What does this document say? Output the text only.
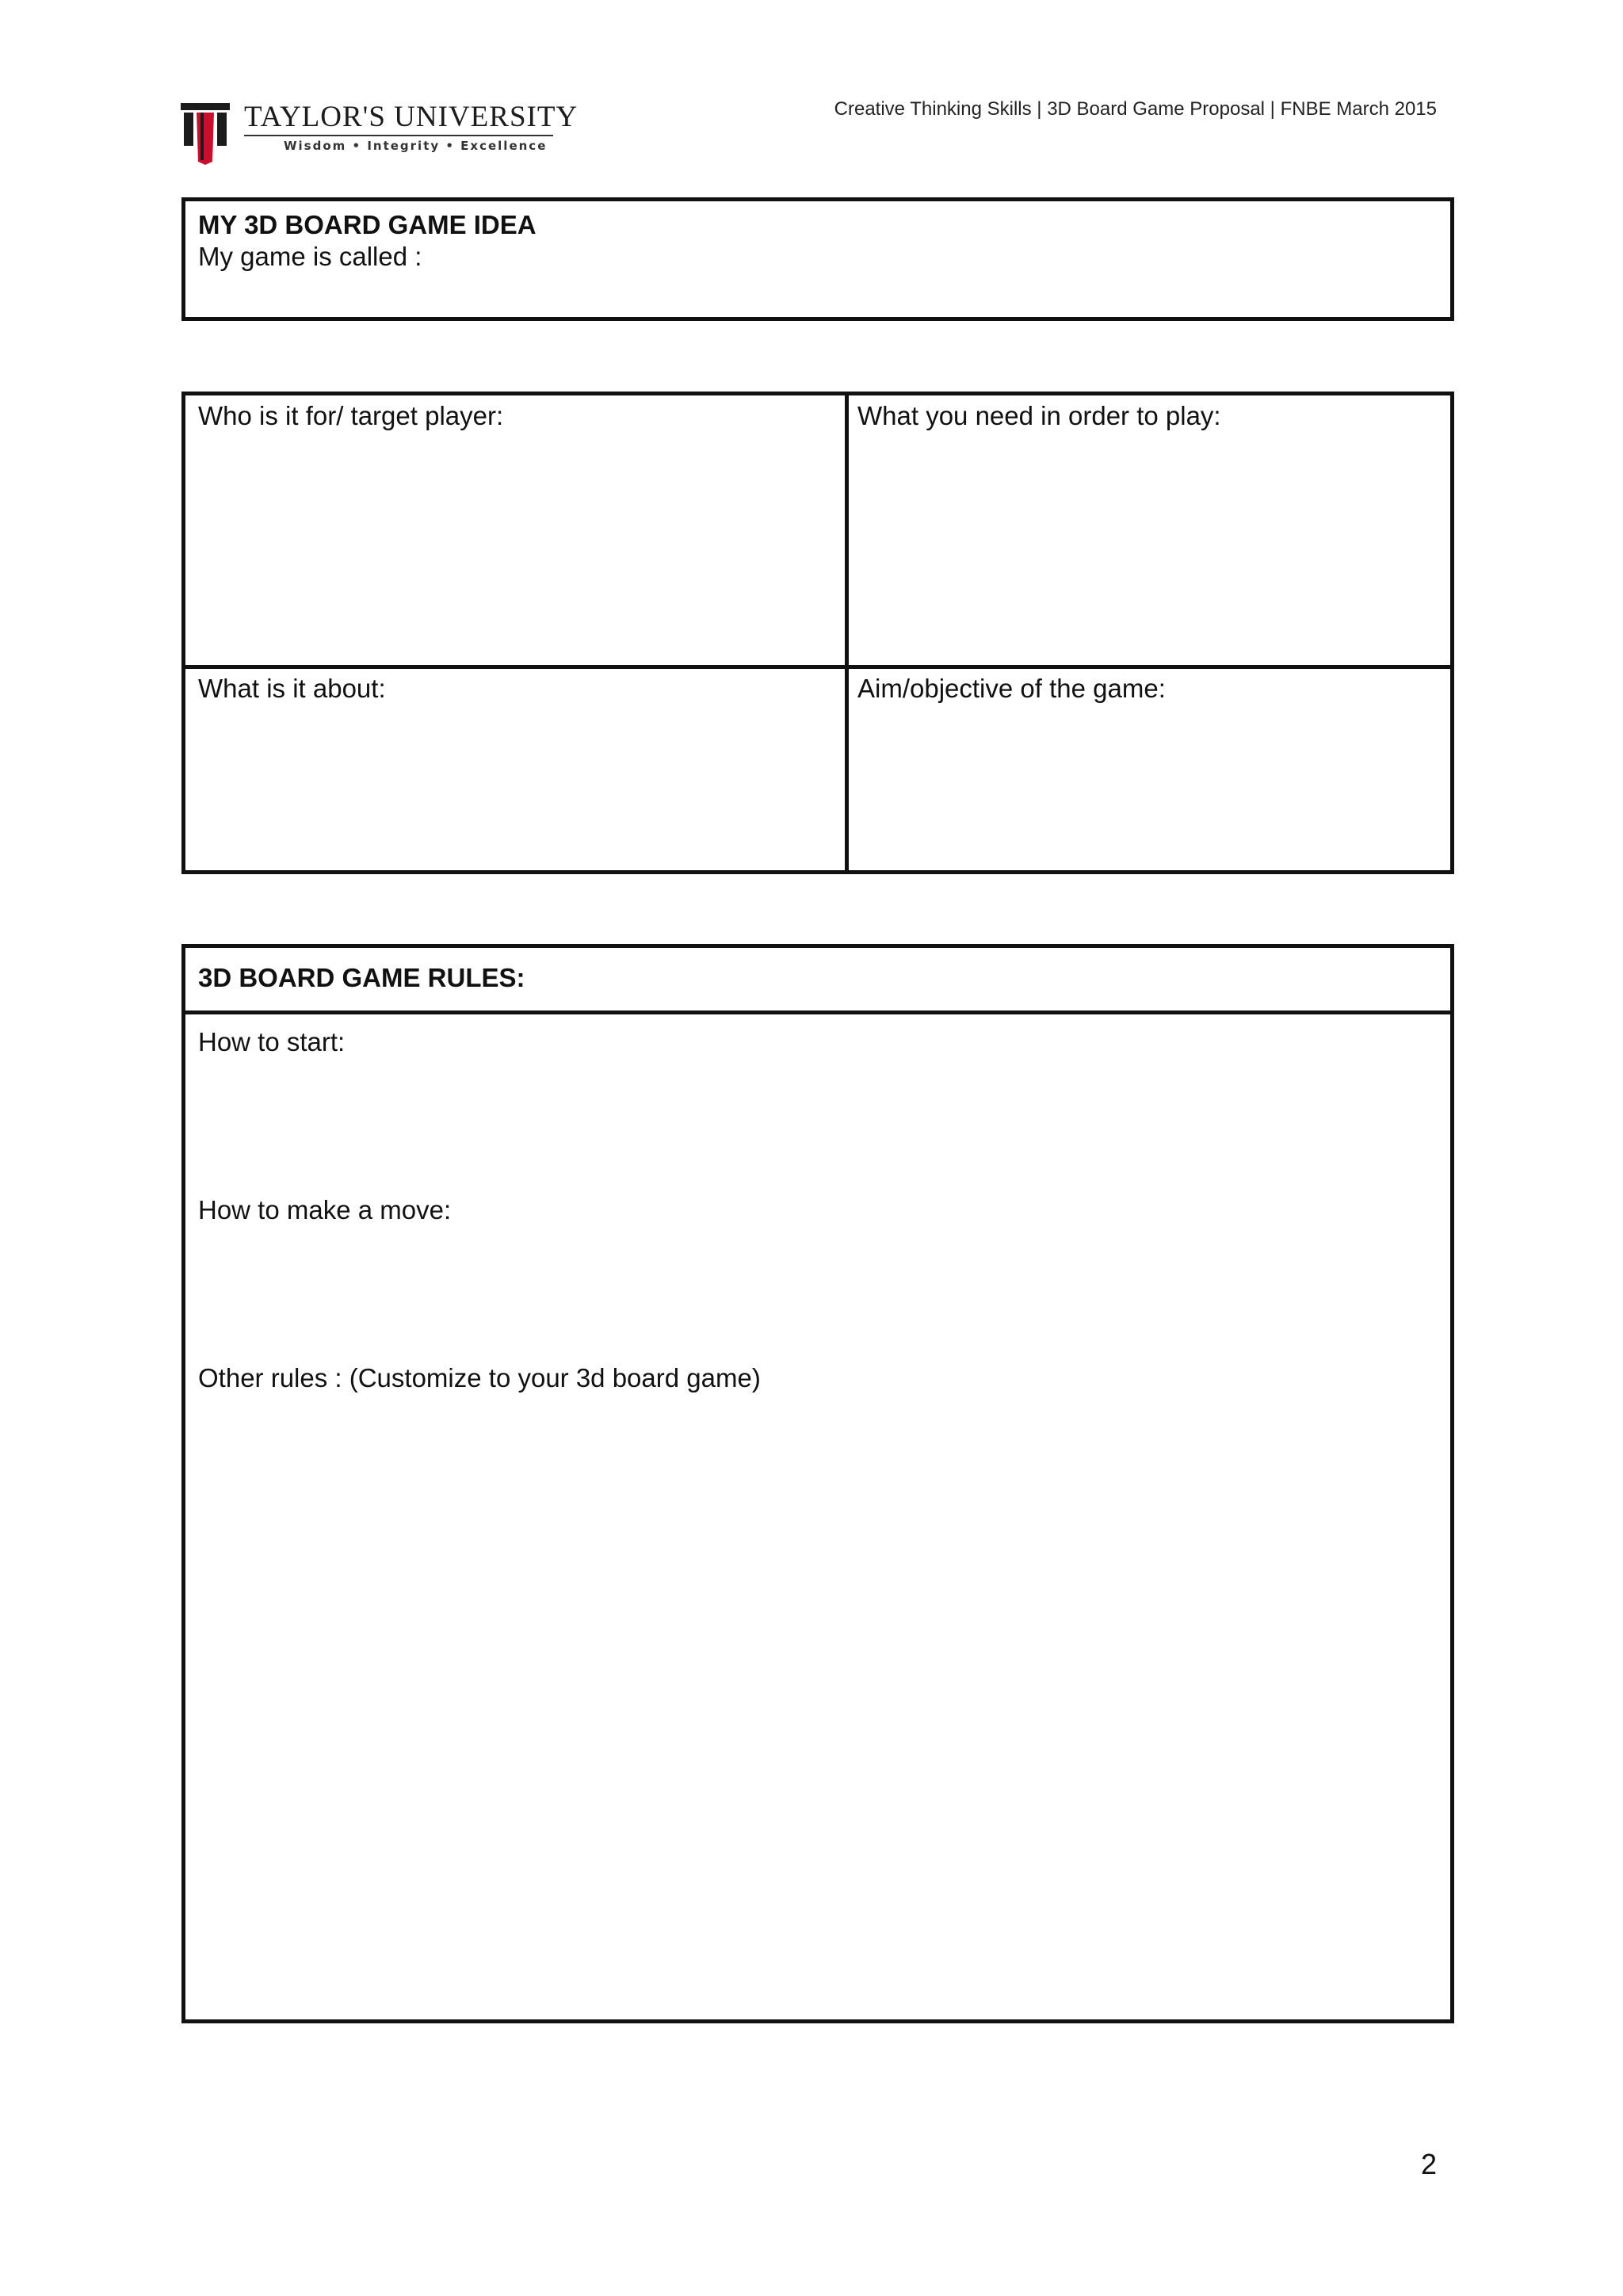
TAYLOR'S UNIVERSITY
Wisdom • Integrity • Excellence
Creative Thinking Skills | 3D Board Game Proposal | FNBE March 2015
MY 3D BOARD GAME IDEA
My game is called :
Who is it for/ target player:	What you need in order to play:
What is it about:	Aim/objective of the game:
3D BOARD GAME RULES:
How to start:
How to make a move:
Other rules : (Customize to your 3d board game)
2
